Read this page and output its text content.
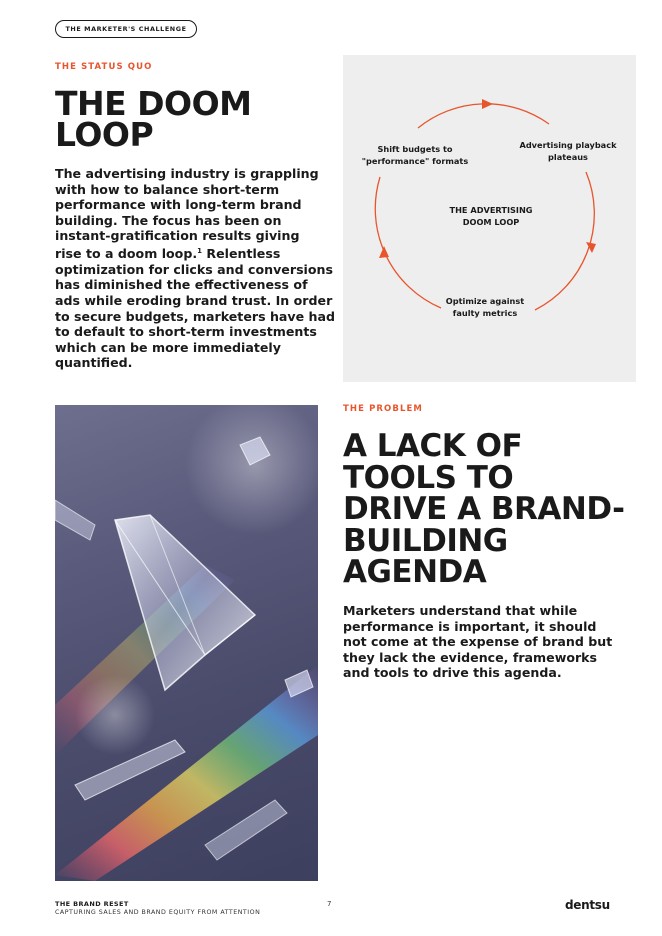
THE MARKETER'S CHALLENGE
THE STATUS QUO
THE DOOM
LOOP
The advertising industry is grappling
with how to balance short-term
performance with long-term brand
building. The focus has been on
instant-gratification results giving
rise to a doom loop.$^1$ Relentless
optimization for clicks and conversions
has diminished the effectiveness of
ads while eroding brand trust. In order
to secure budgets, marketers have had
to default to short-term investments
which can be more immediately
quantified.
THE ADVERTISING
DOOM LOOP
Shift budgets to
"performance" formats
Advertising playback
plateaus
Optimize against
faulty metrics
THE PROBLEM
A LACK OF
TOOLS TO
DRIVE A BRAND-
BUILDING
AGENDA
Marketers understand that while
performance is important, it should
not come at the expense of brand but
they lack the evidence, frameworks
and tools to drive this agenda.
THE BRAND RESET
CAPTURING SALES AND BRAND EQUITY FROM ATTENTION
7	dentsu
